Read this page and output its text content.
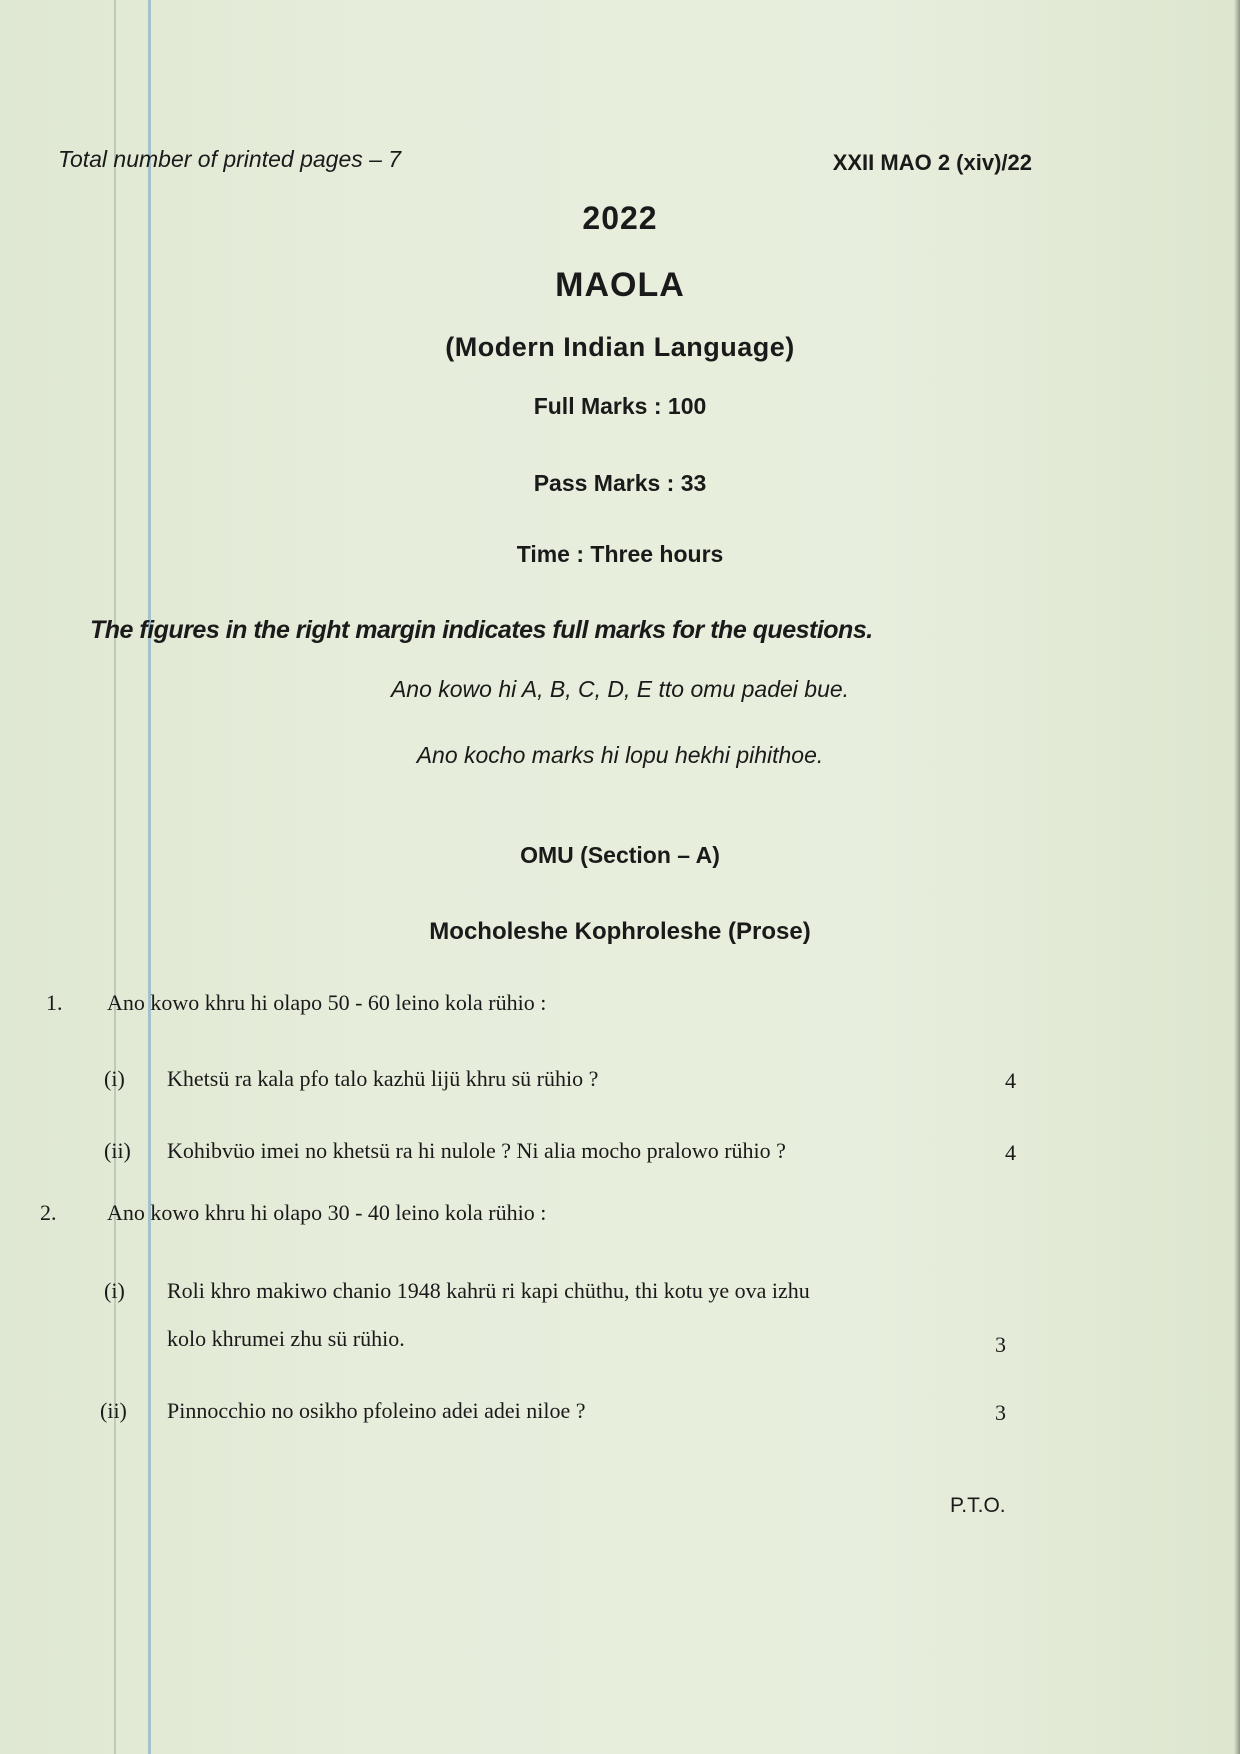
Total number of printed pages – 7	XXII MAO 2 (xiv)/22
2022
MAOLA
(Modern Indian Language)
Full Marks : 100
Pass Marks : 33
Time : Three hours
The figures in the right margin indicates full marks for the questions.
Ano kowo hi A, B, C, D, E tto omu padei bue.
Ano kocho marks hi lopu hekhi pihithoe.
OMU (Section – A)
Mocholeshe Kophroleshe (Prose)
1. Ano kowo khru hi olapo 50 - 60 leino kola rühio :
(i) Khetsü ra kala pfo talo kazhü lijü khru sü rühio ?	4
(ii) Kohibvüo imei no khetsü ra hi nulole ? Ni alia mocho pralowo rühio ?	4
2. Ano kowo khru hi olapo 30 - 40 leino kola rühio :
(i) Roli khro makiwo chanio 1948 kahrü ri kapi chüthu, thi kotu ye ova izhu
kolo khrumei zhu sü rühio.	3
(ii) Pinnocchio no osikho pfoleino adei adei niloe ?	3
P.T.O.
